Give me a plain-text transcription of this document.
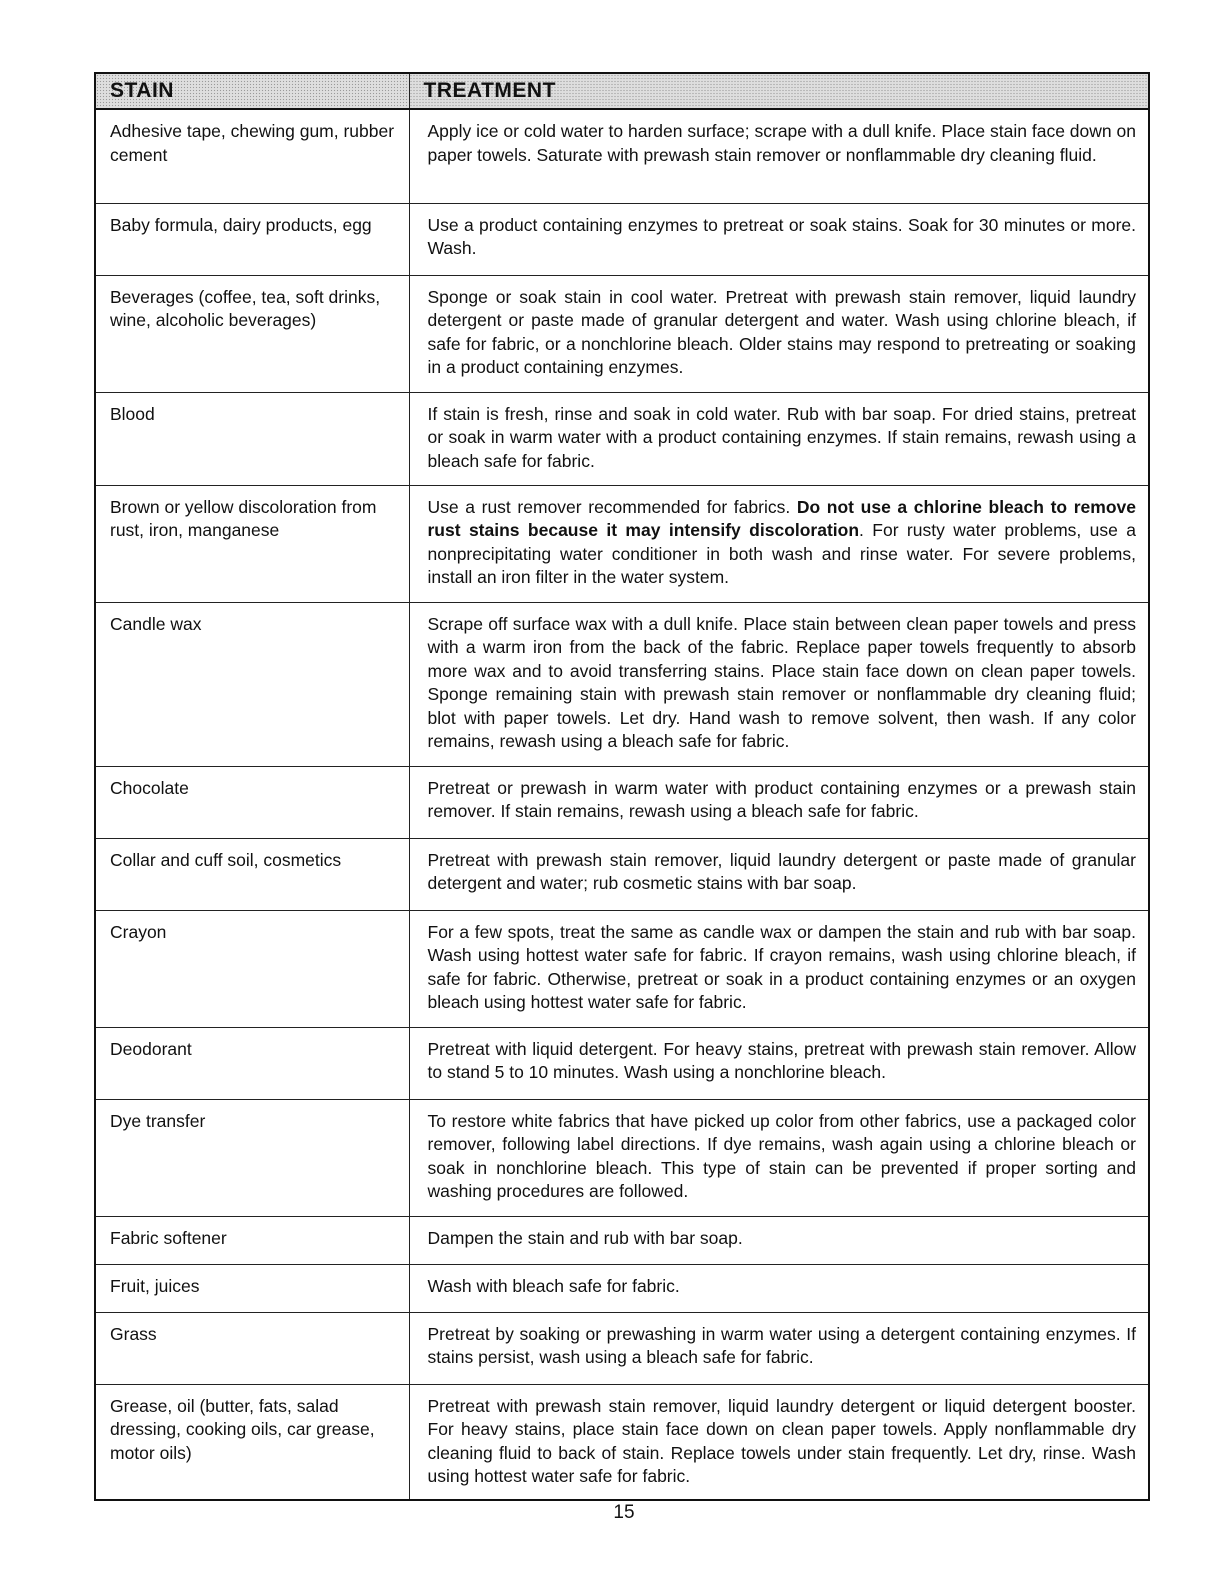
STAIN	TREATMENT
Adhesive tape, chewing gum, rubber cement	Apply ice or cold water to harden surface; scrape with a dull knife. Place stain face down on paper towels. Saturate with prewash stain remover or nonflammable dry cleaning fluid.
Baby formula, dairy products, egg	Use a product containing enzymes to pretreat or soak stains. Soak for 30 minutes or more. Wash.
Beverages (coffee, tea, soft drinks, wine, alcoholic beverages)	Sponge or soak stain in cool water. Pretreat with prewash stain remover, liquid laundry detergent or paste made of granular detergent and water. Wash using chlorine bleach, if safe for fabric, or a nonchlorine bleach. Older stains may respond to pretreating or soaking in a product containing enzymes.
Blood	If stain is fresh, rinse and soak in cold water. Rub with bar soap. For dried stains, pretreat or soak in warm water with a product containing enzymes. If stain remains, rewash using a bleach safe for fabric.
Brown or yellow discoloration from rust, iron, manganese	Use a rust remover recommended for fabrics. Do not use a chlorine bleach to remove rust stains because it may intensify discoloration. For rusty water problems, use a nonprecipitating water conditioner in both wash and rinse water. For severe problems, install an iron filter in the water system.
Candle wax	Scrape off surface wax with a dull knife. Place stain between clean paper towels and press with a warm iron from the back of the fabric. Replace paper towels frequently to absorb more wax and to avoid transferring stains. Place stain face down on clean paper towels. Sponge remaining stain with prewash stain remover or nonflammable dry cleaning fluid; blot with paper towels. Let dry. Hand wash to remove solvent, then wash. If any color remains, rewash using a bleach safe for fabric.
Chocolate	Pretreat or prewash in warm water with product containing enzymes or a prewash stain remover. If stain remains, rewash using a bleach safe for fabric.
Collar and cuff soil, cosmetics	Pretreat with prewash stain remover, liquid laundry detergent or paste made of granular detergent and water; rub cosmetic stains with bar soap.
Crayon	For a few spots, treat the same as candle wax or dampen the stain and rub with bar soap. Wash using hottest water safe for fabric. If crayon remains, wash using chlorine bleach, if safe for fabric. Otherwise, pretreat or soak in a product containing enzymes or an oxygen bleach using hottest water safe for fabric.
Deodorant	Pretreat with liquid detergent. For heavy stains, pretreat with prewash stain remover. Allow to stand 5 to 10 minutes. Wash using a nonchlorine bleach.
Dye transfer	To restore white fabrics that have picked up color from other fabrics, use a packaged color remover, following label directions. If dye remains, wash again using a chlorine bleach or soak in nonchlorine bleach. This type of stain can be prevented if proper sorting and washing procedures are followed.
Fabric softener	Dampen the stain and rub with bar soap.
Fruit, juices	Wash with bleach safe for fabric.
Grass	Pretreat by soaking or prewashing in warm water using a detergent containing enzymes. If stains persist, wash using a bleach safe for fabric.
Grease, oil (butter, fats, salad dressing, cooking oils, car grease, motor oils)	Pretreat with prewash stain remover, liquid laundry detergent or liquid detergent booster. For heavy stains, place stain face down on clean paper towels. Apply nonflammable dry cleaning fluid to back of stain. Replace towels under stain frequently. Let dry, rinse. Wash using hottest water safe for fabric.
15
